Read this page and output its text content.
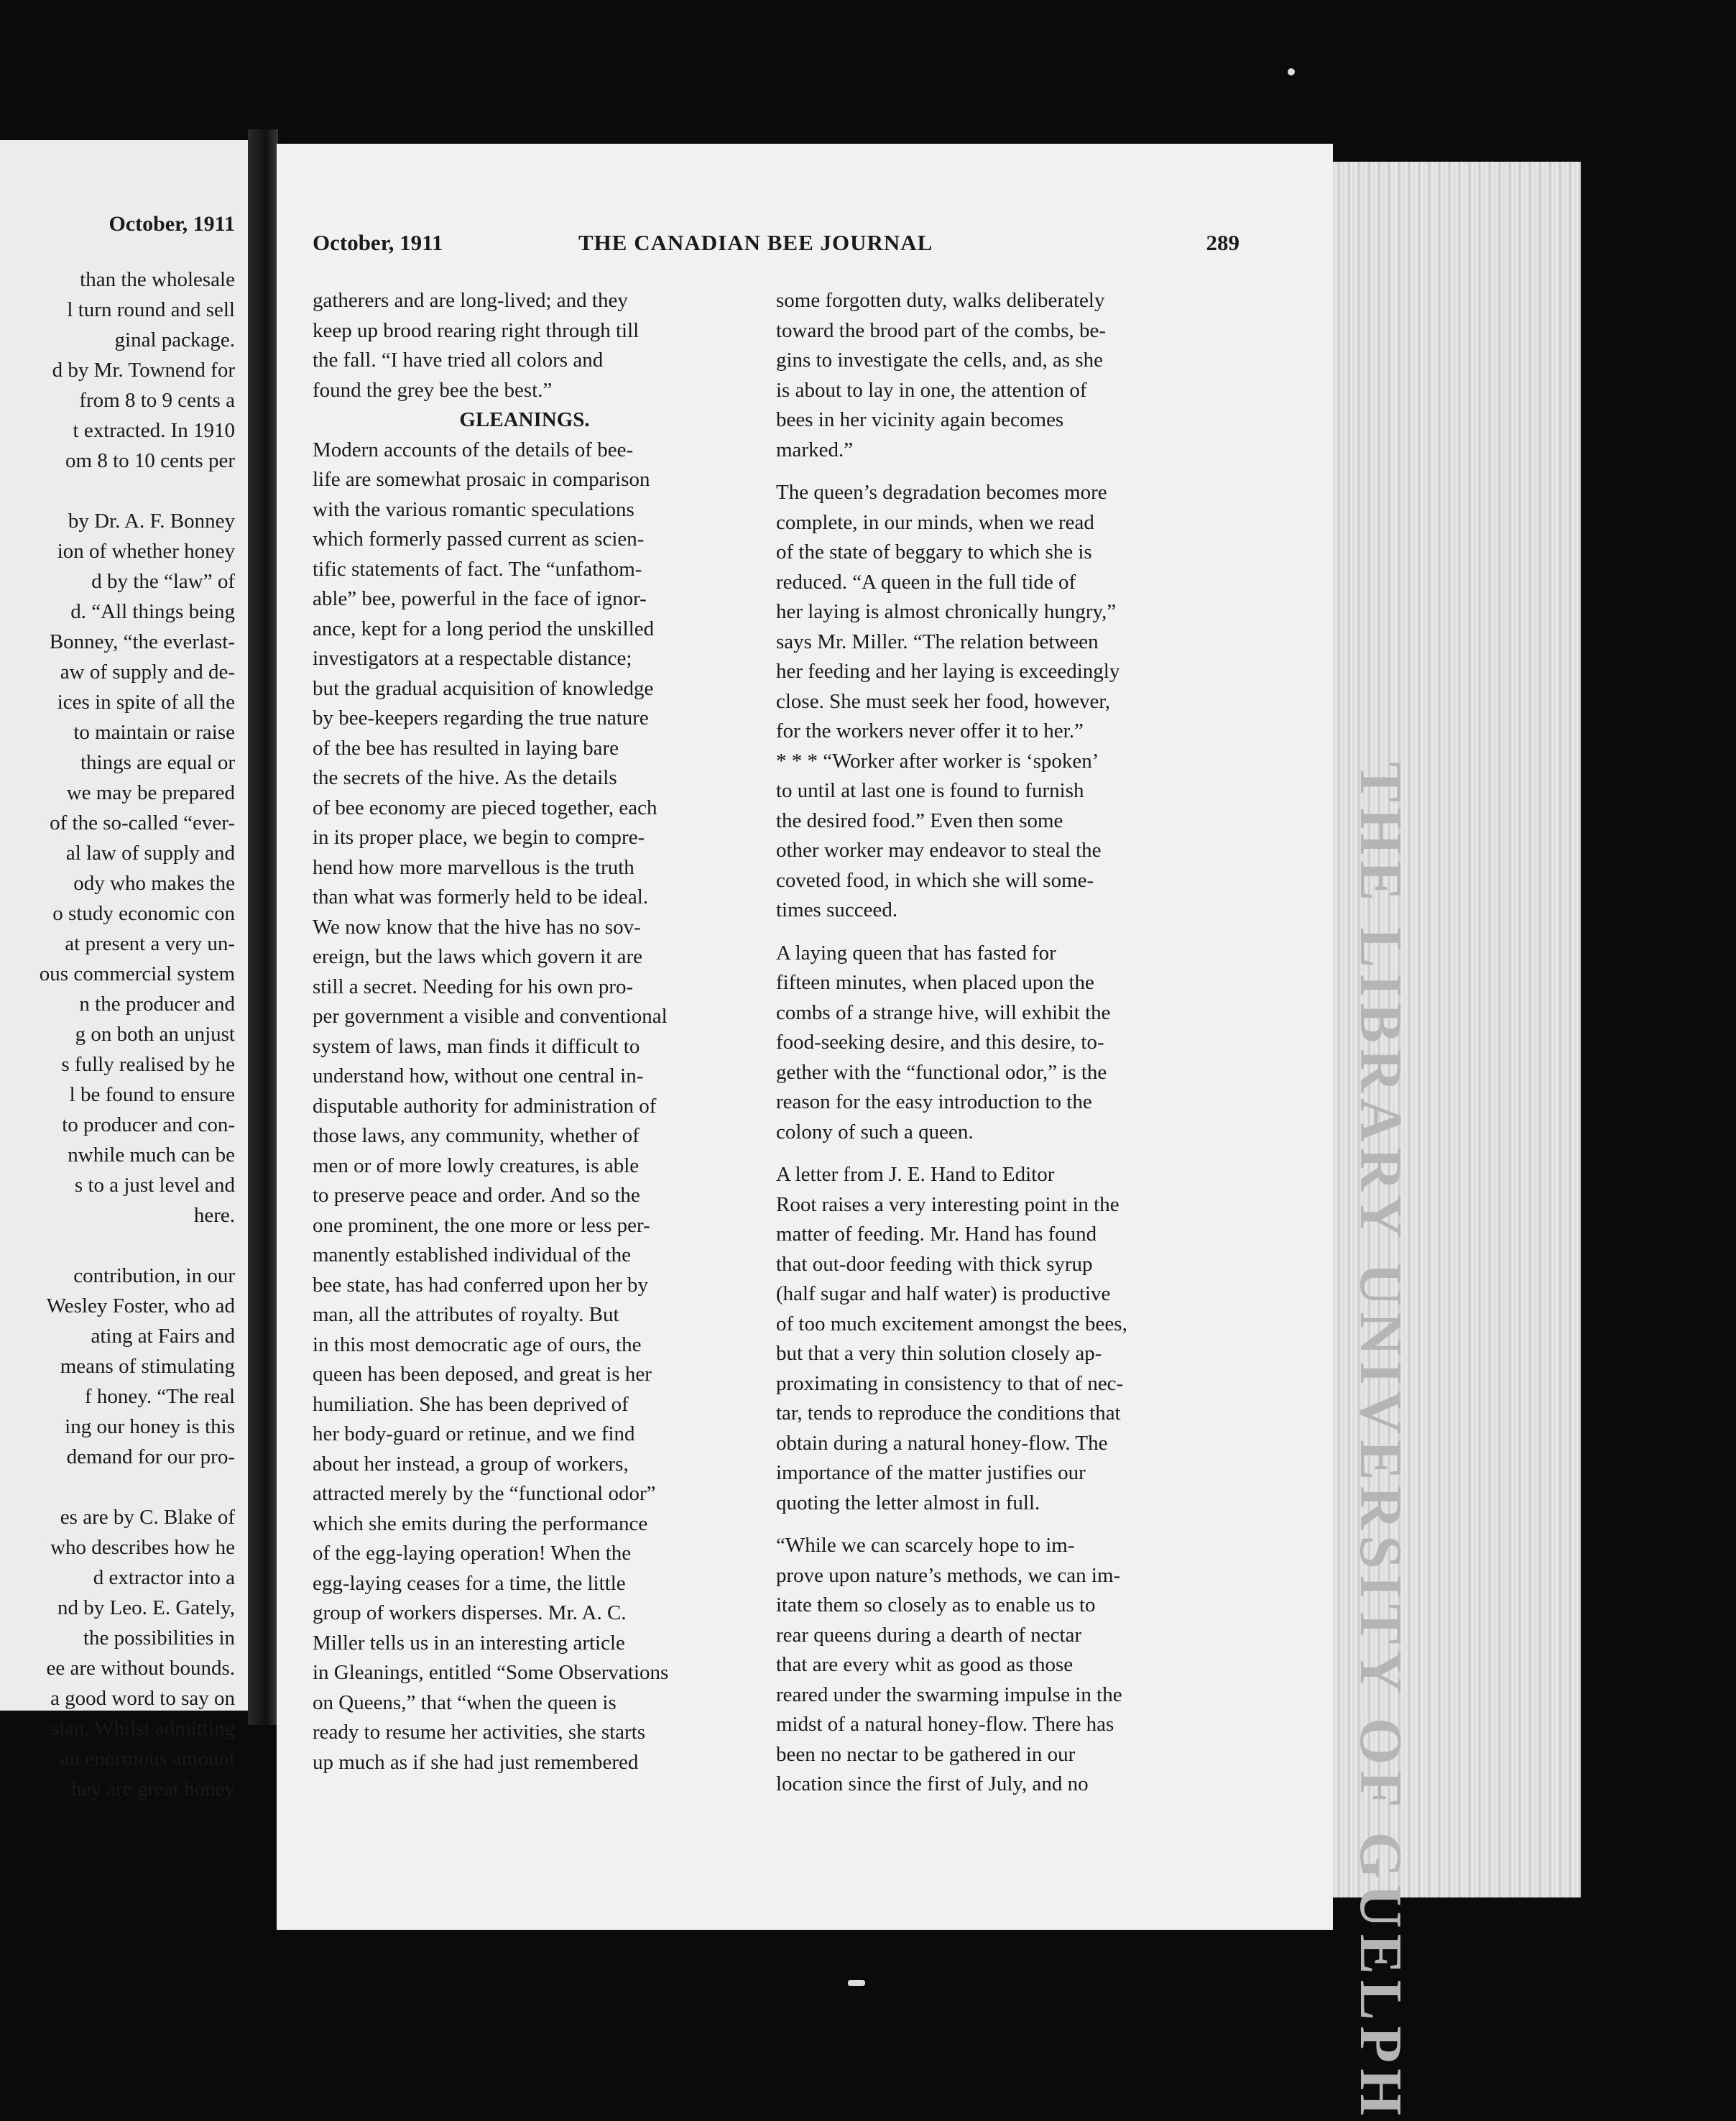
October, 1911
than the wholesale
l turn round and sell
ginal package.
d by Mr. Townend for
from 8 to 9 cents a
t extracted. In 1910
om 8 to 10 cents per
by Dr. A. F. Bonney
ion of whether honey
d by the “law” of
d. “All things being
Bonney, “the everlast-
aw of supply and de-
ices in spite of all the
to maintain or raise
things are equal or
we may be prepared
of the so-called “ever-
al law of supply and
ody who makes the
o study economic con
at present a very un-
ous commercial system
n the producer and
g on both an unjust
s fully realised by he
l be found to ensure
to producer and con-
nwhile much can be
s to a just level and
here.
contribution, in our
Wesley Foster, who ad
ating at Fairs and
means of stimulating
f honey. “The real
ing our honey is this
demand for our pro-
es are by C. Blake of
who describes how he
d extractor into a
nd by Leo. E. Gately,
the possibilities in
ee are without bounds.
a good word to say on
sian. Whilst admitting
an enormous amount
hey are great honey	THE LIBRARY UNIVERSITY OF GUELPH
October, 1911	THE CANADIAN BEE JOURNAL	289
gatherers and are long-lived; and they
keep up brood rearing right through till
the fall. “I have tried all colors and
found the grey bee the best.”
GLEANINGS.
Modern accounts of the details of bee-
life are somewhat prosaic in comparison
with the various romantic speculations
which formerly passed current as scien-
tific statements of fact. The “unfathom-
able” bee, powerful in the face of ignor-
ance, kept for a long period the unskilled
investigators at a respectable distance;
but the gradual acquisition of knowledge
by bee-keepers regarding the true nature
of the bee has resulted in laying bare
the secrets of the hive. As the details
of bee economy are pieced together, each
in its proper place, we begin to compre-
hend how more marvellous is the truth
than what was formerly held to be ideal.
We now know that the hive has no sov-
ereign, but the laws which govern it are
still a secret. Needing for his own pro-
per government a visible and conventional
system of laws, man finds it difficult to
understand how, without one central in-
disputable authority for administration of
those laws, any community, whether of
men or of more lowly creatures, is able
to preserve peace and order. And so the
one prominent, the one more or less per-
manently established individual of the
bee state, has had conferred upon her by
man, all the attributes of royalty. But
in this most democratic age of ours, the
queen has been deposed, and great is her
humiliation. She has been deprived of
her body-guard or retinue, and we find
about her instead, a group of workers,
attracted merely by the “functional odor”
which she emits during the performance
of the egg-laying operation! When the
egg-laying ceases for a time, the little
group of workers disperses. Mr. A. C.
Miller tells us in an interesting article
in Gleanings, entitled “Some Observations
on Queens,” that “when the queen is
ready to resume her activities, she starts
up much as if she had just remembered
some forgotten duty, walks deliberately
toward the brood part of the combs, be-
gins to investigate the cells, and, as she
is about to lay in one, the attention of
bees in her vicinity again becomes
marked.”
The queen’s degradation becomes more
complete, in our minds, when we read
of the state of beggary to which she is
reduced. “A queen in the full tide of
her laying is almost chronically hungry,”
says Mr. Miller. “The relation between
her feeding and her laying is exceedingly
close. She must seek her food, however,
for the workers never offer it to her.”
* * * “Worker after worker is ‘spoken’
to until at last one is found to furnish
the desired food.” Even then some
other worker may endeavor to steal the
coveted food, in which she will some-
times succeed.
A laying queen that has fasted for
fifteen minutes, when placed upon the
combs of a strange hive, will exhibit the
food-seeking desire, and this desire, to-
gether with the “functional odor,” is the
reason for the easy introduction to the
colony of such a queen.
A letter from J. E. Hand to Editor
Root raises a very interesting point in the
matter of feeding. Mr. Hand has found
that out-door feeding with thick syrup
(half sugar and half water) is productive
of too much excitement amongst the bees,
but that a very thin solution closely ap-
proximating in consistency to that of nec-
tar, tends to reproduce the conditions that
obtain during a natural honey-flow. The
importance of the matter justifies our
quoting the letter almost in full.
“While we can scarcely hope to im-
prove upon nature’s methods, we can im-
itate them so closely as to enable us to
rear queens during a dearth of nectar
that are every whit as good as those
reared under the swarming impulse in the
midst of a natural honey-flow. There has
been no nectar to be gathered in our
location since the first of July, and no
